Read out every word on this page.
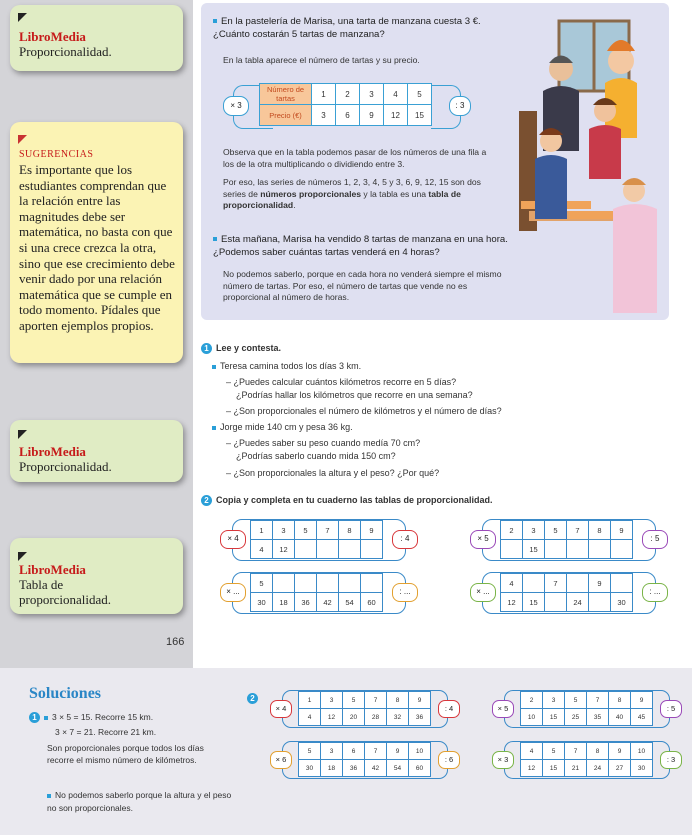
LibroMedia
Proporcionalidad.
SUGERENCIAS
Es importante que los estudiantes comprendan que la relación entre las magnitudes debe ser matemática, no basta con que si una crece crezca la otra, sino que ese crecimiento debe venir dado por una relación matemática que se cumple en todo momento. Pídales que aporten ejemplos propios.
LibroMedia
Proporcionalidad.
LibroMedia
Tabla de proporcionalidad.
En la pastelería de Marisa, una tarta de manzana cuesta 3 €. ¿Cuánto costarán 5 tartas de manzana?
En la tabla aparece el número de tartas y su precio.
× 3
Número de tartas	1	2	3	4	5
Precio (€)	3	6	9	12	15
: 3
Observa que en la tabla podemos pasar de los números de una fila a los de la otra multiplicando o dividiendo entre 3.
Por eso, las series de números 1, 2, 3, 4, 5 y 3, 6, 9, 12, 15 son dos series de números proporcionales y la tabla es una tabla de proporcionalidad.
Esta mañana, Marisa ha vendido 8 tartas de manzana en una hora. ¿Podemos saber cuántas tartas venderá en 4 horas?
No podemos saberlo, porque en cada hora no venderá siempre el mismo número de tartas. Por eso, el número de tartas que vende no es proporcional al número de horas.
1 Lee y contesta.
Teresa camina todos los días 3 km.
– ¿Puedes calcular cuántos kilómetros recorre en 5 días?
¿Podrías hallar los kilómetros que recorre en una semana?
– ¿Son proporcionales el número de kilómetros y el número de días?
Jorge mide 140 cm y pesa 36 kg.
– ¿Puedes saber su peso cuando medía 70 cm?
¿Podrías saberlo cuando mida 150 cm?
– ¿Son proporcionales la altura y el peso? ¿Por qué?
2 Copia y completa en tu cuaderno las tablas de proporcionalidad.
1	3	5	7	8	9
4	12				
× 4	: 4
2	3	5	7	8	9
	15				
× 5	: 5
5					
30	18	36	42	54	60
× ...	: ...
4		7		9	
12	15		24		30
× ...	: ...
166
Soluciones
1 3 × 5 = 15. Recorre 15 km.
3 × 7 = 21. Recorre 21 km.
Son proporcionales porque todos los días recorre el mismo número de kilómetros.
No podemos saberlo porque la altura y el peso no son proporcionales.
2	1	3	5	7	8	9
4	12	20	28	32	36
× 4	: 4
2	3	5	7	8	9
10	15	25	35	40	45
× 5	: 5
5	3	6	7	9	10
30	18	36	42	54	60
× 6	: 6
4	5	7	8	9	10
12	15	21	24	27	30
× 3	: 3
